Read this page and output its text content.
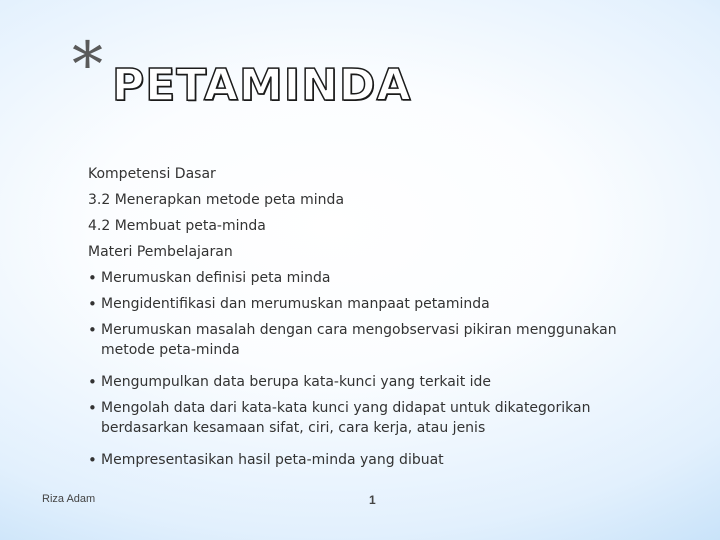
* PETAMINDA
Kompetensi Dasar
3.2 Menerapkan metode peta minda
4.2 Membuat peta-minda
Materi Pembelajaran
• Merumuskan definisi peta minda
• Mengidentifikasi dan merumuskan manpaat petaminda
• Merumuskan masalah dengan cara mengobservasi pikiran menggunakan metode peta-minda
• Mengumpulkan data berupa kata-kunci yang terkait ide
• Mengolah data dari kata-kata kunci yang didapat untuk dikategorikan berdasarkan kesamaan sifat, ciri, cara kerja, atau jenis
• Mempresentasikan hasil peta-minda yang dibuat
Riza Adam	1
